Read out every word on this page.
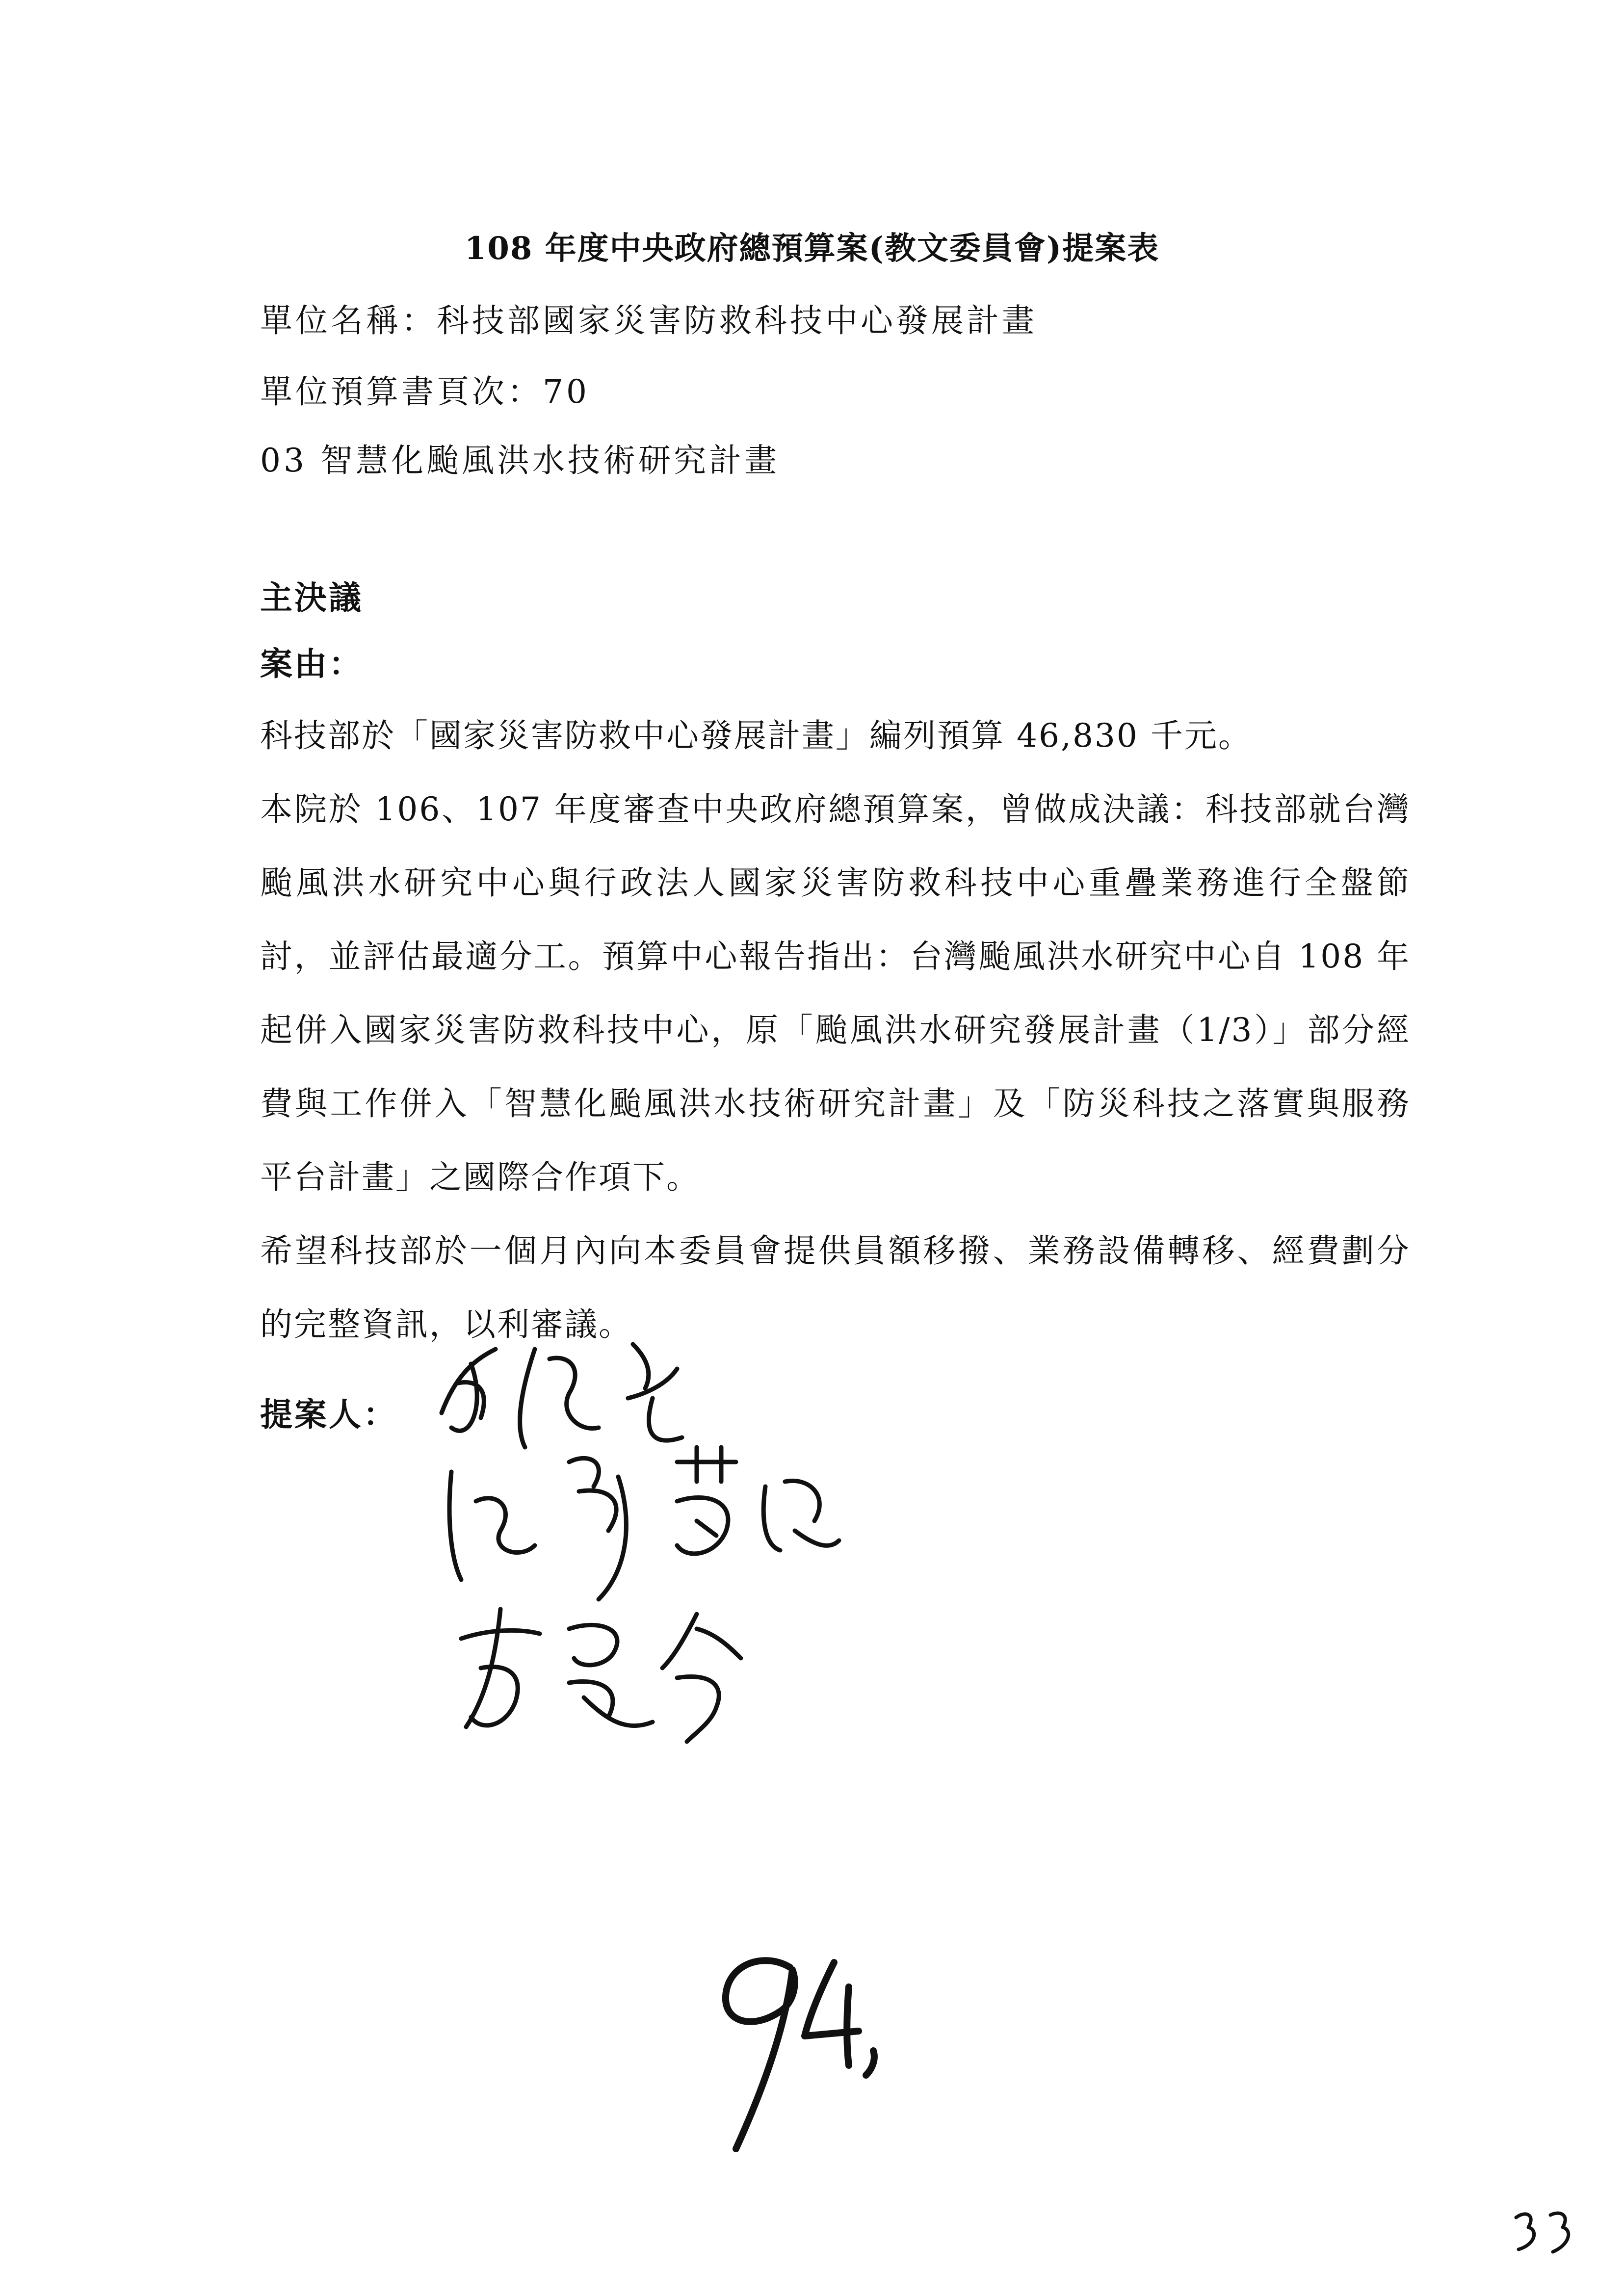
108 年度中央政府總預算案(教文委員會)提案表
單位名稱：科技部國家災害防救科技中心發展計畫
單位預算書頁次：70
03 智慧化颱風洪水技術研究計畫
主決議
案由：

科技部於「國家災害防救中心發展計畫」編列預算 46,830 千元。

本院於 106、107 年度審查中央政府總預算案，曾做成決議：科技部就台灣颱風洪水研究中心與行政法人國家災害防救科技中心重疊業務進行全盤節討，並評估最適分工。預算中心報告指出：台灣颱風洪水研究中心自 108 年起併入國家災害防救科技中心，原「颱風洪水研究發展計畫（1/3）」部分經費與工作併入「智慧化颱風洪水技術研究計畫」及「防災科技之落實與服務平台計畫」之國際合作項下。

希望科技部於一個月內向本委員會提供員額移撥、業務設備轉移、經費劃分的完整資訊，以利審議。

提案人：
